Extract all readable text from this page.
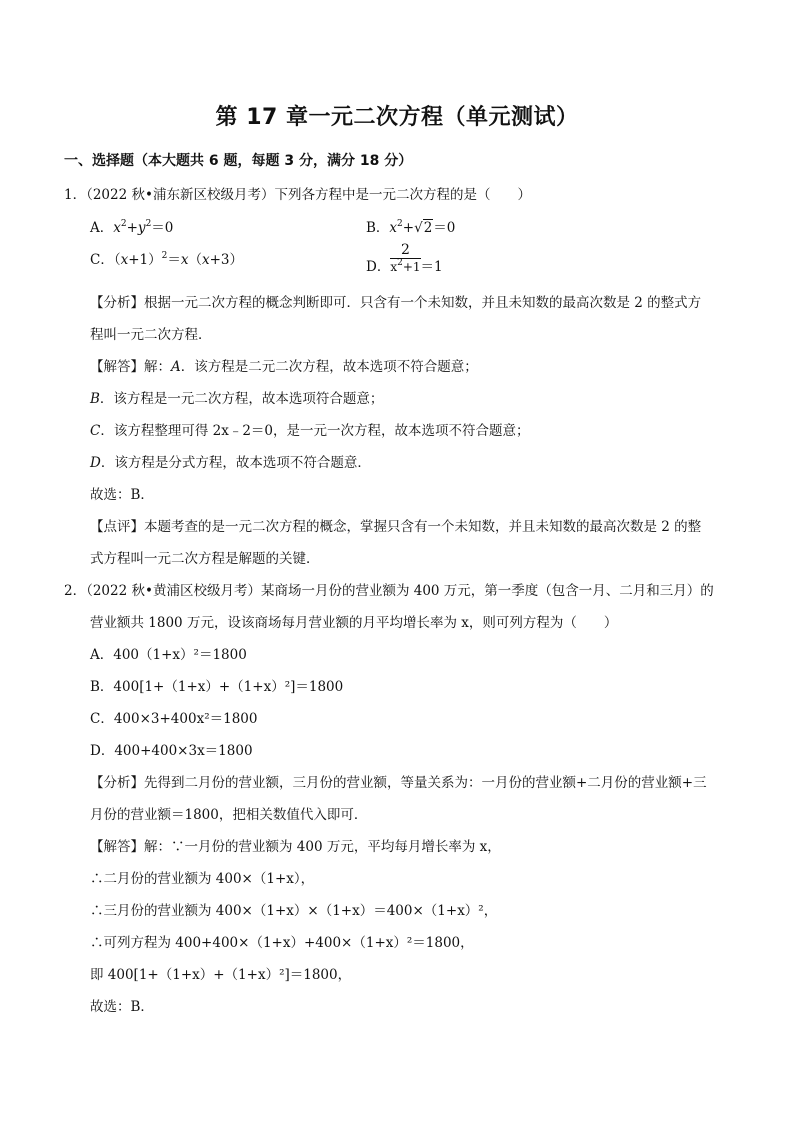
第 17 章一元二次方程（单元测试）
一、选择题（本大题共 6 题，每题 3 分，满分 18 分）
1．（2022 秋•浦东新区校级月考）下列各方程中是一元二次方程的是（　　）
A．$x^2+y^2=0$	B．$x^2+√2=0$
C．$(x+1)^2=x(x+3)$	D． $\frac{2}{x^2+1} =1$
【分析】根据一元二次方程的概念判断即可．只含有一个未知数，并且未知数的最高次数是 2 的整式方
程叫一元二次方程．
【解答】解：A．该方程是二元二次方程，故本选项不符合题意；
B．该方程是一元二次方程，故本选项符合题意；
C．该方程整理可得 2x﹣2＝0，是一元一次方程，故本选项不符合题意；
D．该方程是分式方程，故本选项不符合题意．
故选：B．
【点评】本题考查的是一元二次方程的概念，掌握只含有一个未知数，并且未知数的最高次数是 2 的整
式方程叫一元二次方程是解题的关键．
2．（2022 秋•黄浦区校级月考）某商场一月份的营业额为 400 万元，第一季度（包含一月、二月和三月）的
营业额共 1800 万元，设该商场每月营业额的月平均增长率为 x，则可列方程为（　　）
A．400（1+x）²＝1800
B．400[1+（1+x）+（1+x）²]＝1800
C．400×3+400x²＝1800
D．400+400×3x＝1800
【分析】先得到二月份的营业额，三月份的营业额，等量关系为：一月份的营业额+二月份的营业额+三
月份的营业额＝1800，把相关数值代入即可．
【解答】解：∵一月份的营业额为 400 万元，平均每月增长率为 x，
∴二月份的营业额为 400×（1+x），
∴三月份的营业额为 400×（1+x）×（1+x）＝400×（1+x）²，
∴可列方程为 400+400×（1+x）+400×（1+x）²＝1800，
即 400[1+（1+x）+（1+x）²]＝1800，
故选：B．
